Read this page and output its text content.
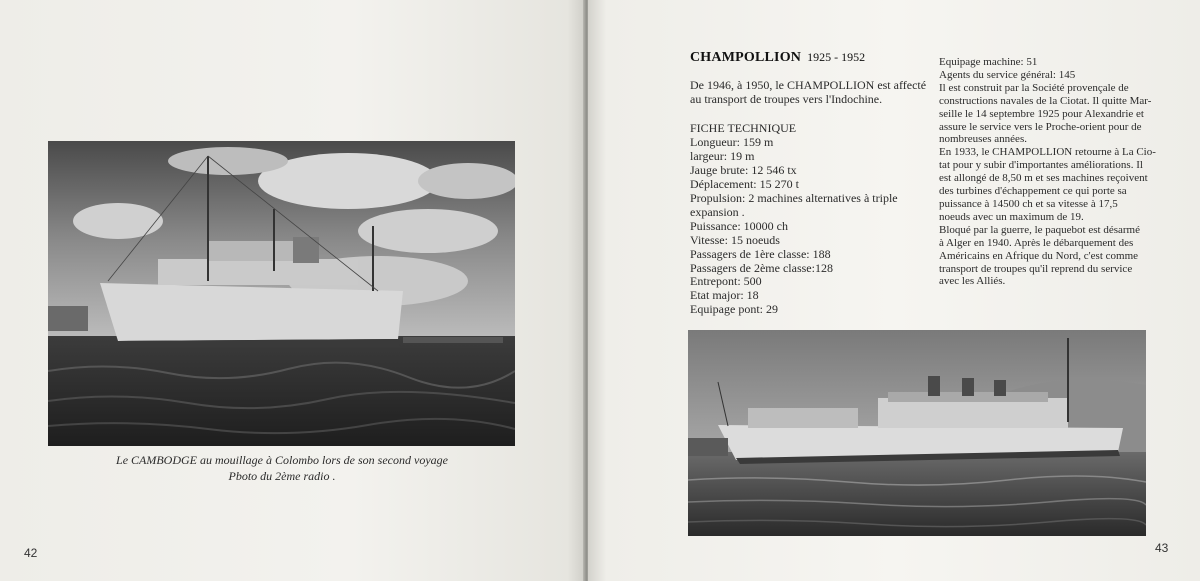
Le CAMBODGE au mouillage à Colombo lors de son second voyage
Pboto du 2ème radio .
42
CHAMPOLLION 1925 - 1952
De 1946, à 1950, le CHAMPOLLION est affecté
au transport de troupes vers l'Indochine.
FICHE TECHNIQUE
Longueur: 159 m
largeur: 19 m
Jauge brute: 12 546 tx
Déplacement: 15 270 t
Propulsion: 2 machines alternatives à triple
expansion .
Puissance: 10000 ch
Vitesse: 15 noeuds
Passagers de 1ère classe: 188
Passagers de 2ème classe:128
Entrepont: 500
Etat major: 18
Equipage pont: 29
Equipage machine: 51
Agents du service général: 145
Il est construit par la Société provençale de
constructions navales de la Ciotat. Il quitte Mar-
seille le 14 septembre 1925 pour Alexandrie et
assure le service vers le Proche-orient pour de
nombreuses années.
En 1933, le CHAMPOLLION retourne à La Cio-
tat pour y subir d'importantes améliorations. Il
est allongé de 8,50 m et ses machines reçoivent
des turbines d'échappement ce qui porte sa
puissance à 14500 ch et sa vitesse à 17,5
noeuds avec un maximum de 19.
Bloqué par la guerre, le paquebot est désarmé
à Alger en 1940. Après le débarquement des
Américains en Afrique du Nord, c'est comme
transport de troupes qu'il reprend du service
avec les Alliés.
43
